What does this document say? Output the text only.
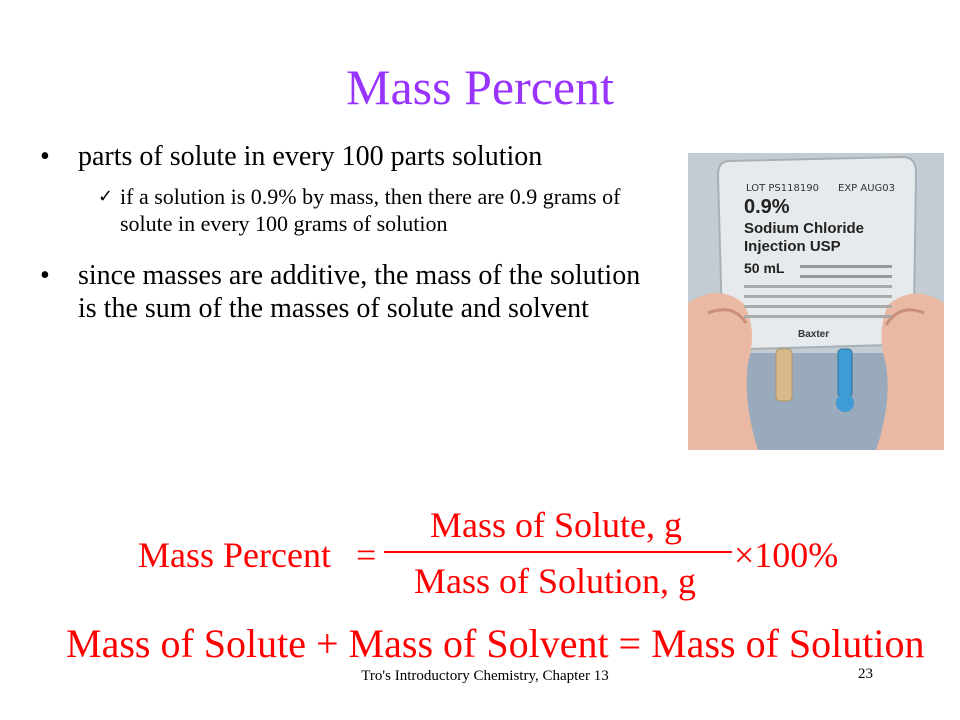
Mass Percent
• parts of solute in every 100 parts solution
✓ if a solution is 0.9% by mass, then there are 0.9 grams of solute in every 100 grams of solution
• since masses are additive, the mass of the solution is the sum of the masses of solute and solvent
LOT PS118190 EXP AUG03
0.9%
Sodium Chloride
Injection USP
50 mL
Baxter
Mass Percent =
Mass of Solute, g
Mass of Solution, g
×100%
Mass of Solute + Mass of Solvent = Mass of Solution
Tro's Introductory Chemistry, Chapter 13	23
